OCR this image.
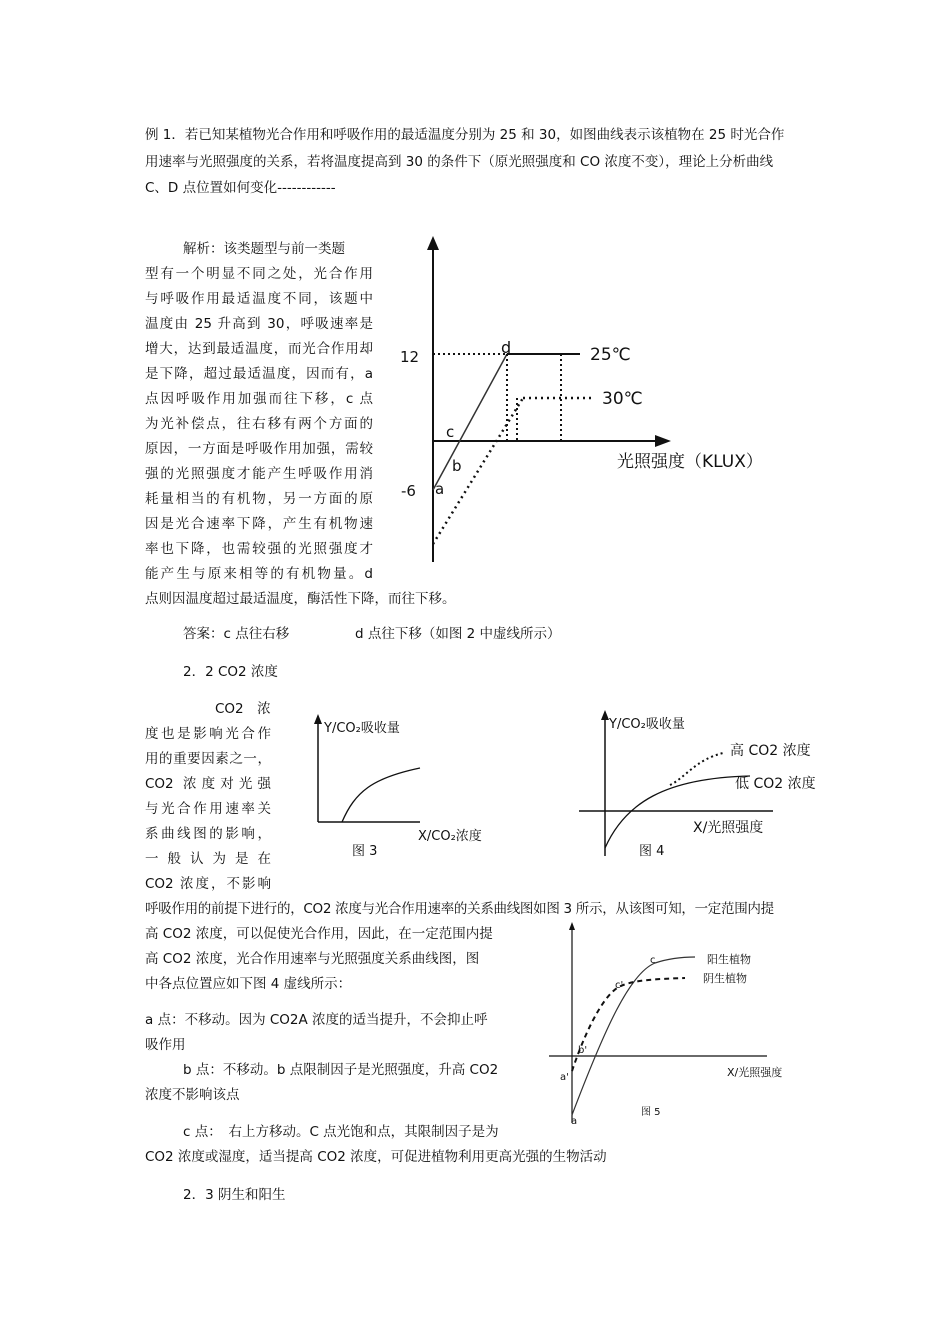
例 1．若已知某植物光合作用和呼吸作用的最适温度分别为 25 和 30，如图曲线表示该植物在 25 时光合作
用速率与光照强度的关系，若将温度提高到 30 的条件下（原光照强度和 CO 浓度不变），理论上分析曲线
C、D 点位置如何变化------------
解析：该类题型与前一类题
型有一个明显不同之处，光合作用
与呼吸作用最适温度不同，该题中
温度由 25 升高到 30，呼吸速率是
增大，达到最适温度，而光合作用却
是下降，超过最适温度，因而有，a
点因呼吸作用加强而往下移，c 点
为光补偿点，往右移有两个方面的
原因，一方面是呼吸作用加强，需较
强的光照强度才能产生呼吸作用消
耗量相当的有机物，另一方面的原
因是光合速率下降，产生有机物速
率也下降，也需较强的光照强度才
能产生与原来相等的有机物量。d
点则因温度超过最适温度，酶活性下降，而往下移。
12
-6
d
c
b
a
25℃
30℃
光照强度（KLUX）
答案：c 点往右移	d 点往下移（如图 2 中虚线所示）
2．2 CO2 浓度
CO2　浓
度也是影响光合作
用的重要因素之一，
CO2 浓度对光强
与光合作用速率关
系曲线图的影响，
一 般 认 为 是 在
CO2 浓度，不影响
呼吸作用的前提下进行的，CO2 浓度与光合作用速率的关系曲线图如图 3 所示，从该图可知，一定范围内提
高 CO2 浓度，可以促使光合作用，因此，在一定范围内提
高 CO2 浓度，光合作用速率与光照强度关系曲线图，图
中各点位置应如下图 4 虚线所示：
Y/CO₂吸收量
X/CO₂浓度
图 3
Y/CO₂吸收量
高 CO2 浓度
低 CO2 浓度
X/光照强度
图 4
c
c'
b'
a'
a
阳生植物
阴生植物
X/光照强度
图 5
a 点：不移动。因为 CO2A 浓度的适当提升，不会抑止呼
吸作用
b 点：不移动。b 点限制因子是光照强度，升高 CO2
浓度不影响该点
c 点：　右上方移动。C 点光饱和点，其限制因子是为
CO2 浓度或湿度，适当提高 CO2 浓度，可促进植物利用更高光强的生物活动
2．3 阴生和阳生
